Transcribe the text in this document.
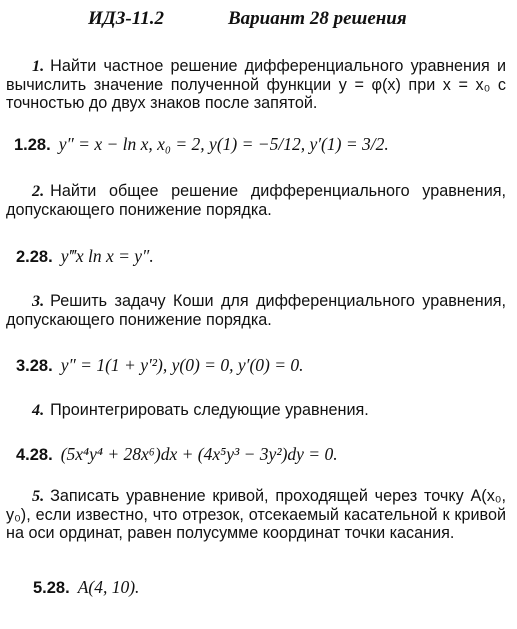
ИДЗ-11.2	Вариант 28 решения
1. Найти частное решение дифференциального уравнения и вычислить значение полученной функции y = φ(x) при x = x₀ с точностью до двух знаков после запятой.
1.28. y″ = x − ln x, x₀ = 2, y(1) = −5/12, y′(1) = 3/2.
2. Найти общее решение дифференциального уравнения, допускающего понижение порядка.
2.28. y‴x ln x = y″.
3. Решить задачу Коши для дифференциального уравнения, допускающего понижение порядка.
3.28. y″ = 1(1 + y′²), y(0) = 0, y′(0) = 0.
4. Проинтегрировать следующие уравнения.
4.28. (5x⁴y⁴ + 28x⁶)dx + (4x⁵y³ − 3y²)dy = 0.
5. Записать уравнение кривой, проходящей через точку A(x₀, y₀), если известно, что отрезок, отсекаемый касательной к кривой на оси ординат, равен полусумме координат точки касания.
5.28. A(4, 10).
